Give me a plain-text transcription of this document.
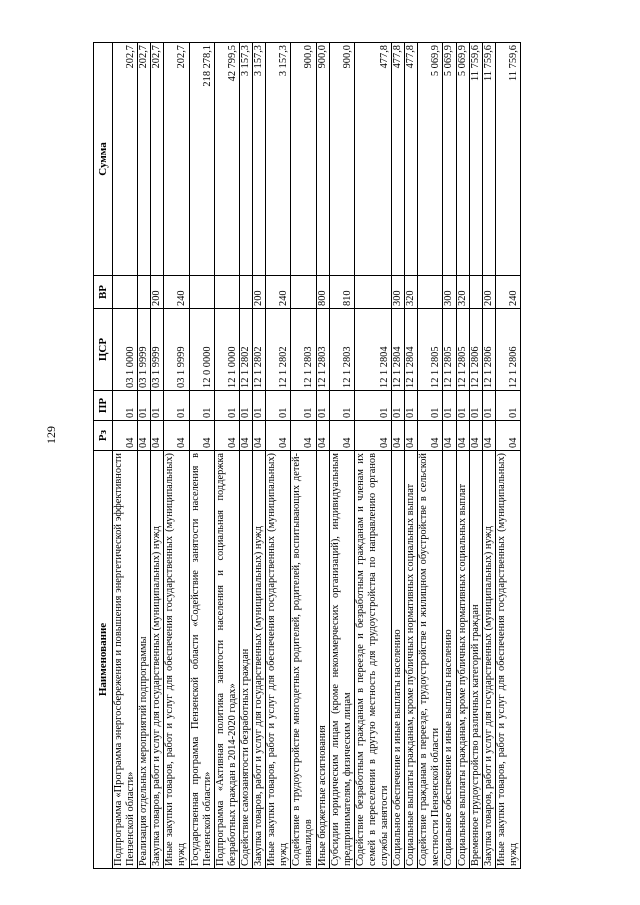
129
Наименование	Рз	ПР	ЦСР	ВР	Сумма
Подпрограмма «Программа энергосбережения и повышения энергетической эффективности Пензенской области»	04	01	03 1 0000		202,7
Реализация отдельных мероприятий подпрограммы	04	01	03 1 9999		202,7
Закупка товаров, работ и услуг для государственных (муниципальных) нужд	04	01	03 1 9999	200	202,7
Иные закупки товаров, работ и услуг для обеспечения государственных (муниципальных) нужд	04	01	03 1 9999	240	202,7
Государственная программа Пензенской области «Содействие занятости населения в Пензенской области»	04	01	12 0 0000		218 278,1
Подпрограмма «Активная политика занятости населения и социальная поддержка безработных граждан в 2014-2020 годах»	04	01	12 1 0000		42 799,5
Содействие самозанятости безработных граждан	04	01	12 1 2802		3 157,3
Закупка товаров, работ и услуг для государственных (муниципальных) нужд	04	01	12 1 2802	200	3 157,3
Иные закупки товаров, работ и услуг для обеспечения государственных (муниципальных) нужд	04	01	12 1 2802	240	3 157,3
Содействие в трудоустройстве многодетных родителей, родителей, воспитывающих детей-инвалидов	04	01	12 1 2803		900,0
Иные бюджетные ассигнования	04	01	12 1 2803	800	900,0
Субсидии юридическим лицам (кроме некоммерческих организаций), индивидуальным предпринимателям, физическим лицам	04	01	12 1 2803	810	900,0
Содействие безработным гражданам в переезде и безработным гражданам и членам их семей в переселении в другую местность для трудоустройства по направлению органов службы занятости	04	01	12 1 2804		477,8
Социальное обеспечение и иные выплаты населению	04	01	12 1 2804	300	477,8
Социальные выплаты гражданам, кроме публичных нормативных социальных выплат	04	01	12 1 2804	320	477,8
Содействие гражданам в переезде, трудоустройстве и жилищном обустройстве в сельской местности Пензенской области	04	01	12 1 2805		5 069,9
Социальное обеспечение и иные выплаты населению	04	01	12 1 2805	300	5 069,9
Социальные выплаты гражданам, кроме публичных нормативных социальных выплат	04	01	12 1 2805	320	5 069,9
Временное трудоустройство различных категорий граждан	04	01	12 1 2806		11 759,6
Закупка товаров, работ и услуг для государственных (муниципальных) нужд	04	01	12 1 2806	200	11 759,6
Иные закупки товаров, работ и услуг для обеспечения государственных (муниципальных) нужд	04	01	12 1 2806	240	11 759,6
